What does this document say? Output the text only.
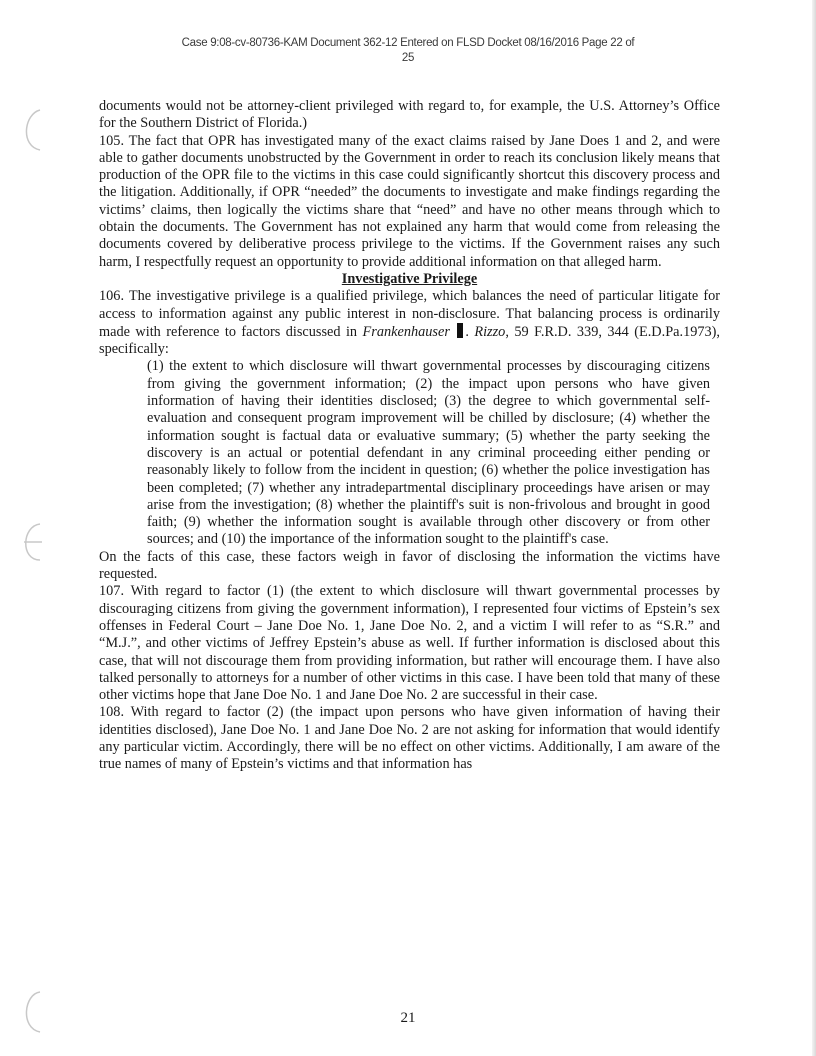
Case 9:08-cv-80736-KAM Document 362-12 Entered on FLSD Docket 08/16/2016 Page 22 of
25

documents would not be attorney-client privileged with regard to, for example, the U.S. Attorney’s Office for the Southern District of Florida.)

105. The fact that OPR has investigated many of the exact claims raised by Jane Does 1 and 2, and were able to gather documents unobstructed by the Government in order to reach its conclusion likely means that production of the OPR file to the victims in this case could significantly shortcut this discovery process and the litigation. Additionally, if OPR “needed” the documents to investigate and make findings regarding the victims’ claims, then logically the victims share that “need” and have no other means through which to obtain the documents. The Government has not explained any harm that would come from releasing the documents covered by deliberative process privilege to the victims. If the Government raises any such harm, I respectfully request an opportunity to provide additional information on that alleged harm.

Investigative Privilege

106. The investigative privilege is a qualified privilege, which balances the need of particular litigate for access to information against any public interest in non-disclosure. That balancing process is ordinarily made with reference to factors discussed in Frankenhauser . Rizzo, 59 F.R.D. 339, 344 (E.D.Pa.1973), specifically:

(1) the extent to which disclosure will thwart governmental processes by discouraging citizens from giving the government information; (2) the impact upon persons who have given information of having their identities disclosed; (3) the degree to which governmental self-evaluation and consequent program improvement will be chilled by disclosure; (4) whether the information sought is factual data or evaluative summary; (5) whether the party seeking the discovery is an actual or potential defendant in any criminal proceeding either pending or reasonably likely to follow from the incident in question; (6) whether the police investigation has been completed; (7) whether any intradepartmental disciplinary proceedings have arisen or may arise from the investigation; (8) whether the plaintiff's suit is non-frivolous and brought in good faith; (9) whether the information sought is available through other discovery or from other sources; and (10) the importance of the information sought to the plaintiff's case.

On the facts of this case, these factors weigh in favor of disclosing the information the victims have requested.

107. With regard to factor (1) (the extent to which disclosure will thwart governmental processes by discouraging citizens from giving the government information), I represented four victims of Epstein’s sex offenses in Federal Court – Jane Doe No. 1, Jane Doe No. 2, and a victim I will refer to as “S.R.” and “M.J.”, and other victims of Jeffrey Epstein’s abuse as well. If further information is disclosed about this case, that will not discourage them from providing information, but rather will encourage them. I have also talked personally to attorneys for a number of other victims in this case. I have been told that many of these other victims hope that Jane Doe No. 1 and Jane Doe No. 2 are successful in their case.

108. With regard to factor (2) (the impact upon persons who have given information of having their identities disclosed), Jane Doe No. 1 and Jane Doe No. 2 are not asking for information that would identify any particular victim. Accordingly, there will be no effect on other victims. Additionally, I am aware of the true names of many of Epstein’s victims and that information has

21
